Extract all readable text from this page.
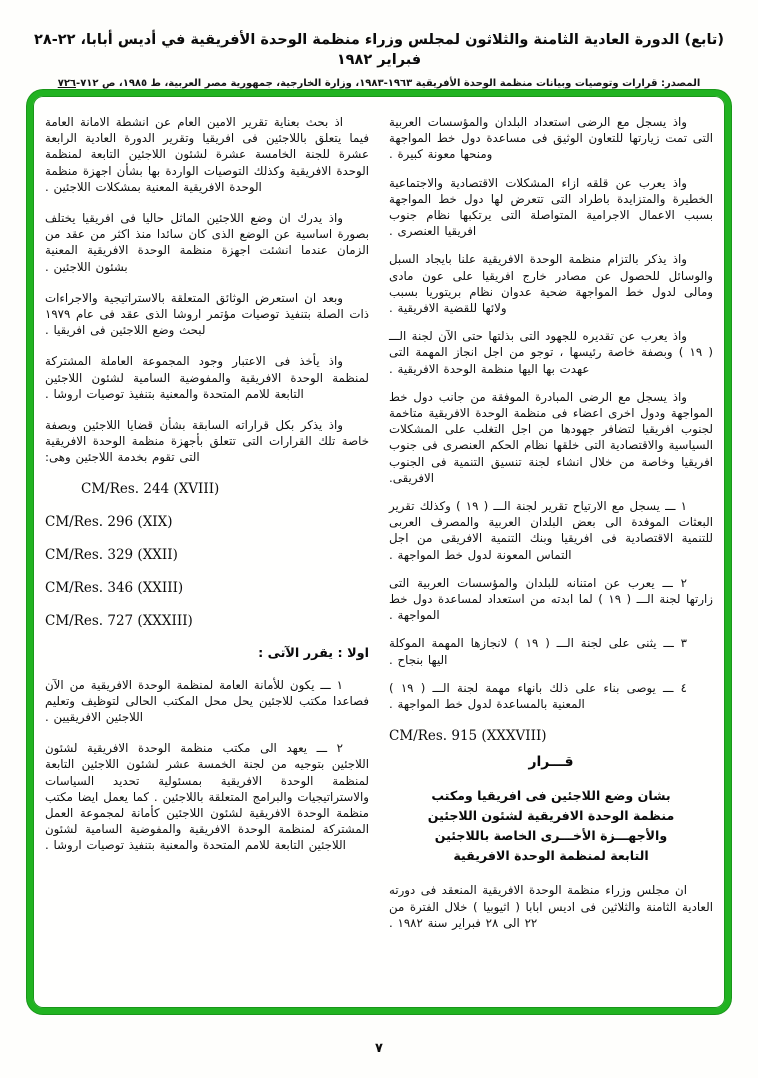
(تابع) الدورة العادية الثامنة والثلاثون لمجلس وزراء منظمة الوحدة الأفريقية في أديس أبابا، ٢٢-٢٨ فبراير ١٩٨٢
المصدر: قرارات وتوصيات وبيانات منظمة الوحدة الأفريقية ١٩٦٣-١٩٨٣، وزارة الخارجية، جمهورية مصر العربية، ط ١٩٨٥، ص ٧١٢-٧٢٦

واذ يسجل مع الرضى استعداد البلدان والمؤسسات العربية التى تمت زيارتها للتعاون الوثيق فى مساعدة دول خط المواجهة ومنحها معونة كبيرة .

واذ يعرب عن قلقه ازاء المشكلات الاقتصادية والاجتماعية الخطيرة والمتزايدة باطراد التى تتعرض لها دول خط المواجهة بسبب الاعمال الاجرامية المتواصلة التى يرتكبها نظام جنوب افريقيا العنصرى .

واذ يذكر بالتزام منظمة الوحدة الافريقية علنا بايجاد السبل والوسائل للحصول عن مصادر خارج افريقيا على عون مادى ومالى لدول خط المواجهة ضحية عدوان نظام بريتوريا بسبب ولائها للقضية الافريقية .

واذ يعرب عن تقديره للجهود التى بذلتها حتى الآن لجنة الـــ ( ١٩ ) وبصفة خاصة رئيسها ، توجو من اجل انجاز المهمة التى عهدت بها اليها منظمة الوحدة الافريقية .

واذ يسجل مع الرضى المبادرة الموفقة من جانب دول خط المواجهة ودول اخرى اعضاء فى منظمة الوحدة الافريقية متاخمة لجنوب افريقيا لتضافر جهودها من اجل التغلب على المشكلات السياسية والاقتصادية التى خلقها نظام الحكم العنصرى فى جنوب افريقيا وخاصة من خلال انشاء لجنة تنسيق التنمية فى الجنوب الافريقى.

١ ـــ يسجل مع الارتياح تقرير لجنة الـــ ( ١٩ ) وكذلك تقرير البعثات الموفدة الى بعض البلدان العربية والمصرف العربى للتنمية الاقتصادية فى افريقيا وبنك التنمية الافريقى من اجل التماس المعونة لدول خط المواجهة .

٢ ـــ يعرب عن امتنانه للبلدان والمؤسسات العربية التى زارتها لجنة الـــ ( ١٩ ) لما ابدته من استعداد لمساعدة دول خط المواجهة .

٣ ـــ يثنى على لجنة الـــ ( ١٩ ) لانجازها المهمة الموكلة اليها بنجاح .

٤ ـــ يوصى بناء على ذلك بانهاء مهمة لجنة الـــ ( ١٩ ) المعنية بالمساعدة لدول خط المواجهة .

CM/Res. 915 (XXXVIII)
قـــرار

بشان وضع اللاجئين فى افريقيا ومكتب

منظمة الوحدة الافريقية لشئون اللاجئين

والأجهـــزة الأخـــرى الخاصة باللاجئين

التابعة لمنظمة الوحدة الافريقية

ان مجلس وزراء منظمة الوحدة الافريقية المنعقد فى دورته العادية الثامنة والثلاثين فى اديس ابابا ( اثيوبيا ) خلال الفترة من ٢٢ الى ٢٨ فبراير سنة ١٩٨٢ .

اذ بحث بعناية تقرير الامين العام عن انشطة الامانة العامة فيما يتعلق باللاجئين فى افريقيا وتقرير الدورة العادية الرابعة عشرة للجنة الخامسة عشرة لشئون اللاجئين التابعة لمنظمة الوحدة الافريقية وكذلك التوصيات الواردة بها بشأن اجهزة منظمة الوحدة الافريقية المعنية بمشكلات اللاجئين .

واذ يدرك ان وضع اللاجئين الماثل حاليا فى افريقيا يختلف بصورة اساسية عن الوضع الذى كان سائدا منذ اكثر من عقد من الزمان عندما انشئت اجهزة منظمة الوحدة الافريقية المعنية بشئون اللاجئين .

وبعد ان استعرض الوثائق المتعلقة بالاستراتيجية والاجراءات ذات الصلة بتنفيذ توصيات مؤتمر اروشا الذى عقد فى عام ١٩٧٩ لبحث وضع اللاجئين فى افريقيا .

واذ يأخذ فى الاعتبار وجود المجموعة العاملة المشتركة لمنظمة الوحدة الافريقية والمفوضية السامية لشئون اللاجئين التابعة للامم المتحدة والمعنية بتنفيذ توصيات اروشا .

واذ يذكر بكل قراراته السابقة بشأن قضايا اللاجئين وبصفة خاصة تلك القرارات التى تتعلق بأجهزة منظمة الوحدة الافريقية التى تقوم بخدمة اللاجئين وهى:

CM/Res. 244 (XVIII)
CM/Res. 296 (XIX)
CM/Res. 329 (XXII)
CM/Res. 346 (XXIII)
CM/Res. 727 (XXXIII)
اولا : يقرر الآتى :

١ ـــ يكون للأمانة العامة لمنظمة الوحدة الافريقية من الآن فصاعدا مكتب للاجئين يحل محل المكتب الحالى لتوظيف وتعليم اللاجئين الافريقيين .

٢ ـــ يعهد الى مكتب منظمة الوحدة الافريقية لشئون اللاجئين بتوجيه من لجنة الخمسة عشر لشئون اللاجئين التابعة لمنظمة الوحدة الافريقية بمسئولية تحديد السياسات والاستراتيجيات والبرامج المتعلقة باللاجئين . كما يعمل ايضا مكتب منظمة الوحدة الافريقية لشئون اللاجئين كأمانة لمجموعة العمل المشتركة لمنظمة الوحدة الافريقية والمفوضية السامية لشئون اللاجئين التابعة للامم المتحدة والمعنية بتنفيذ توصيات اروشا .

٧
